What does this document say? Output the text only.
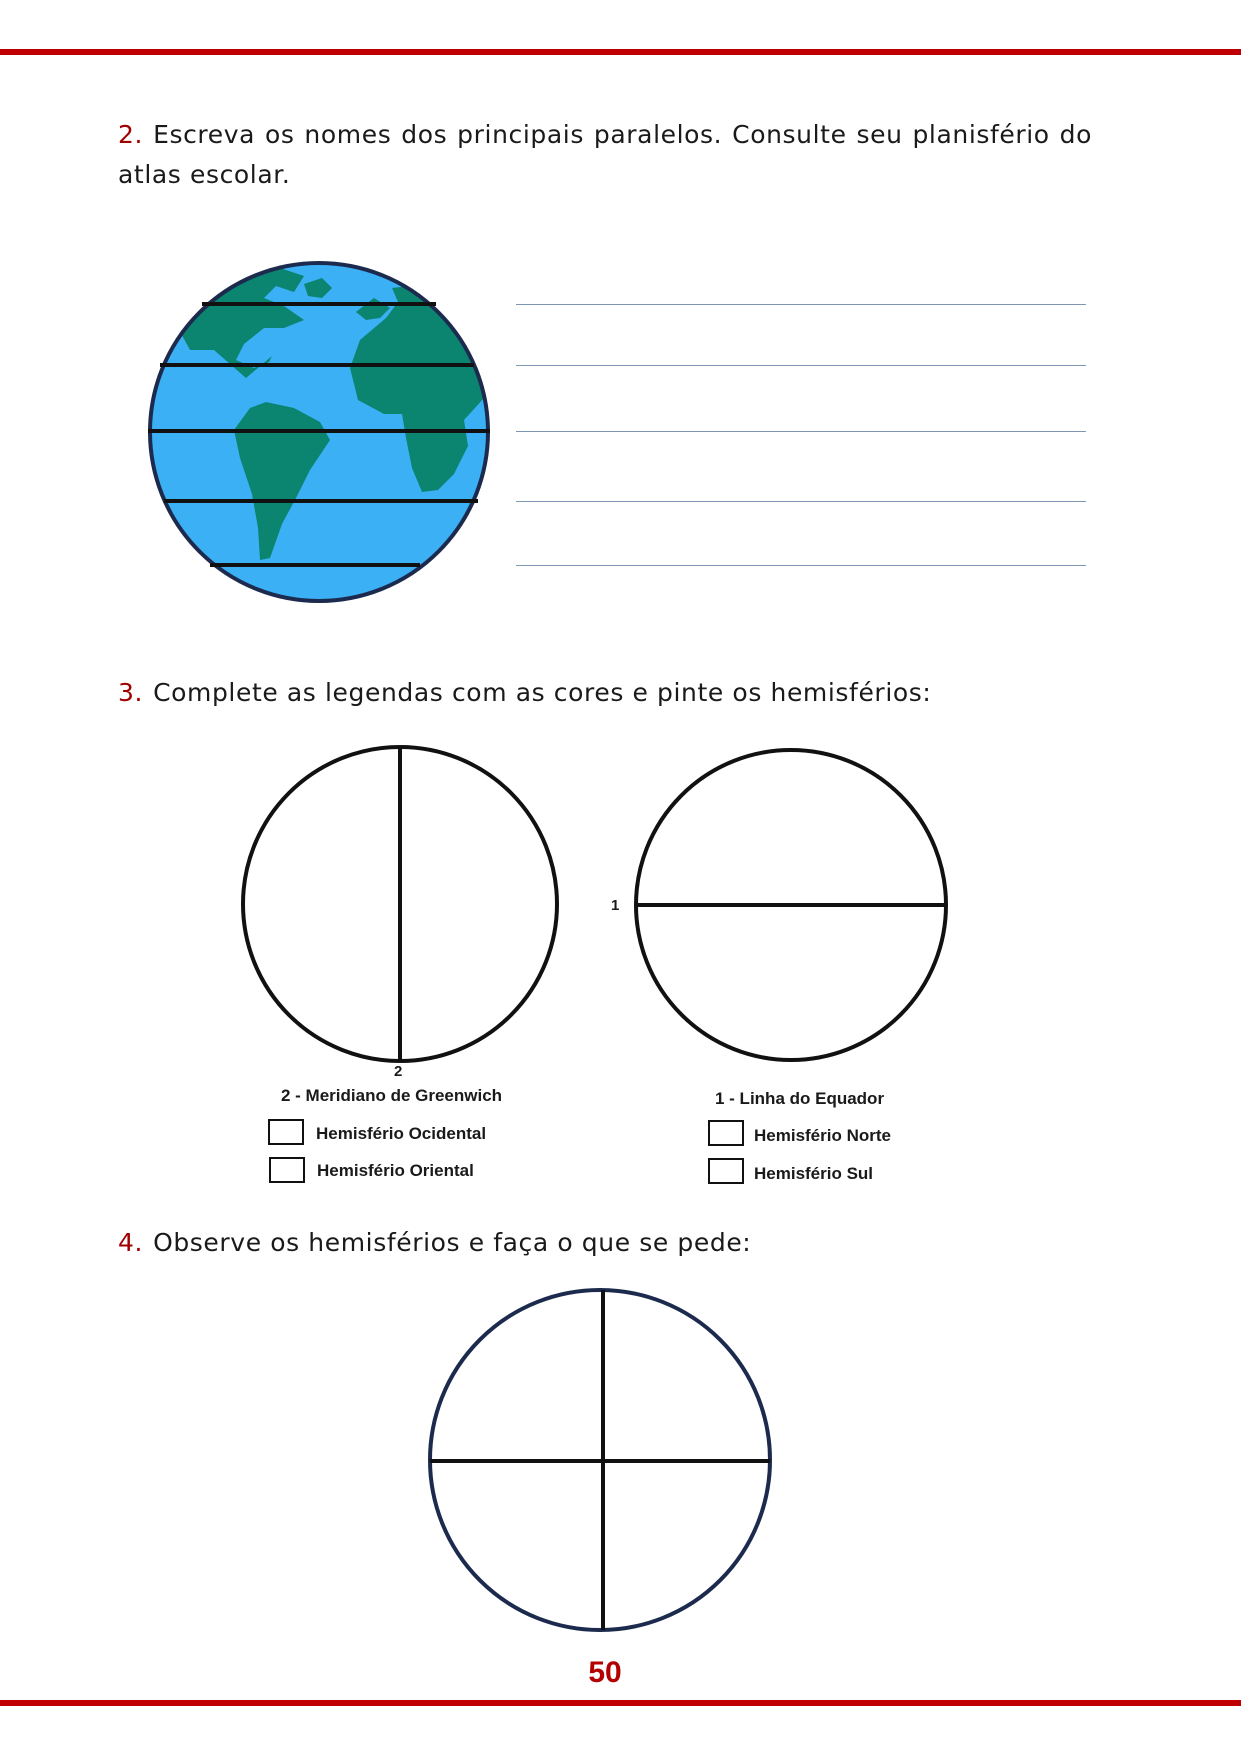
2. Escreva os nomes dos principais paralelos. Consulte seu planisfério do atlas escolar.
3. Complete as legendas com as cores e pinte os hemisférios:
2
2 - Meridiano de Greenwich
Hemisfério Ocidental
Hemisfério Oriental
1
1 - Linha do Equador
Hemisfério Norte
Hemisfério Sul
4. Observe os hemisférios e faça o que se pede:
50
